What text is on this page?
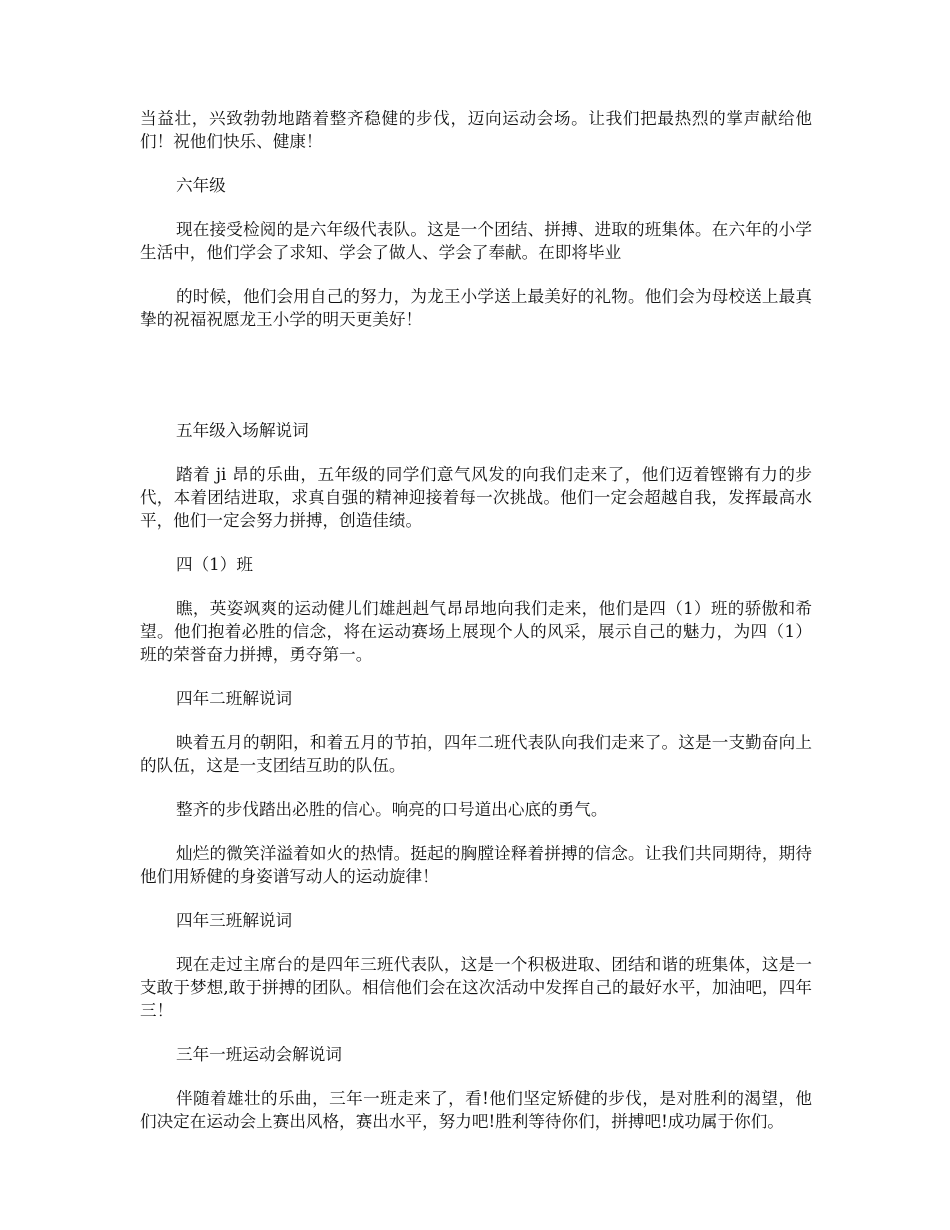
当益壮，兴致勃勃地踏着整齐稳健的步伐，迈向运动会场。让我们把最热烈的掌声献给他们！祝他们快乐、健康！

六年级

现在接受检阅的是六年级代表队。这是一个团结、拼搏、进取的班集体。在六年的小学生活中，他们学会了求知、学会了做人、学会了奉献。在即将毕业

的时候，他们会用自己的努力，为龙王小学送上最美好的礼物。他们会为母校送上最真挚的祝福祝愿龙王小学的明天更美好！

五年级入场解说词

踏着 ji 昂的乐曲，五年级的同学们意气风发的向我们走来了，他们迈着铿锵有力的步代，本着团结进取，求真自强的精神迎接着每一次挑战。他们一定会超越自我，发挥最高水平，他们一定会努力拼搏，创造佳绩。

四（1）班

瞧，英姿飒爽的运动健儿们雄赳赳气昂昂地向我们走来，他们是四（1）班的骄傲和希望。他们抱着必胜的信念，将在运动赛场上展现个人的风采，展示自己的魅力，为四（1）班的荣誉奋力拼搏，勇夺第一。

四年二班解说词

映着五月的朝阳，和着五月的节拍，四年二班代表队向我们走来了。这是一支勤奋向上的队伍，这是一支团结互助的队伍。

整齐的步伐踏出必胜的信心。响亮的口号道出心底的勇气。

灿烂的微笑洋溢着如火的热情。挺起的胸膛诠释着拼搏的信念。让我们共同期待，期待他们用矫健的身姿谱写动人的运动旋律！

四年三班解说词

现在走过主席台的是四年三班代表队，这是一个积极进取、团结和谐的班集体，这是一支敢于梦想,敢于拼搏的团队。相信他们会在这次活动中发挥自己的最好水平，加油吧，四年三！

三年一班运动会解说词

伴随着雄壮的乐曲，三年一班走来了，看!他们坚定矫健的步伐，是对胜利的渴望，他们决定在运动会上赛出风格，赛出水平，努力吧!胜利等待你们，拼搏吧!成功属于你们。
